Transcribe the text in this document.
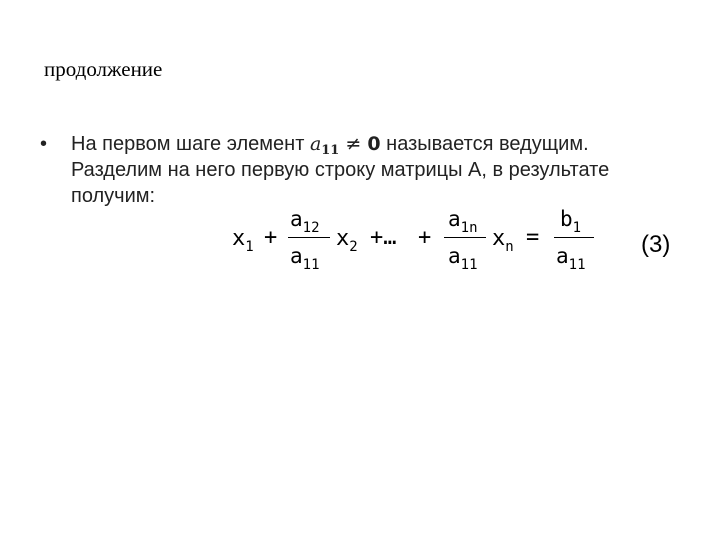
продолжение
• На первом шаге элемент $a_{11} \ne 0$ называется ведущим.
Разделим на него первую строку матрицы А, в результате
получим:
$x_1$ +
$a_{12}$
$a_{11}$
$x_2$ +… +
$a_{1n}$
$a_{11}$
$x_n$ =
$b_1$
$a_{11}$
(3)
